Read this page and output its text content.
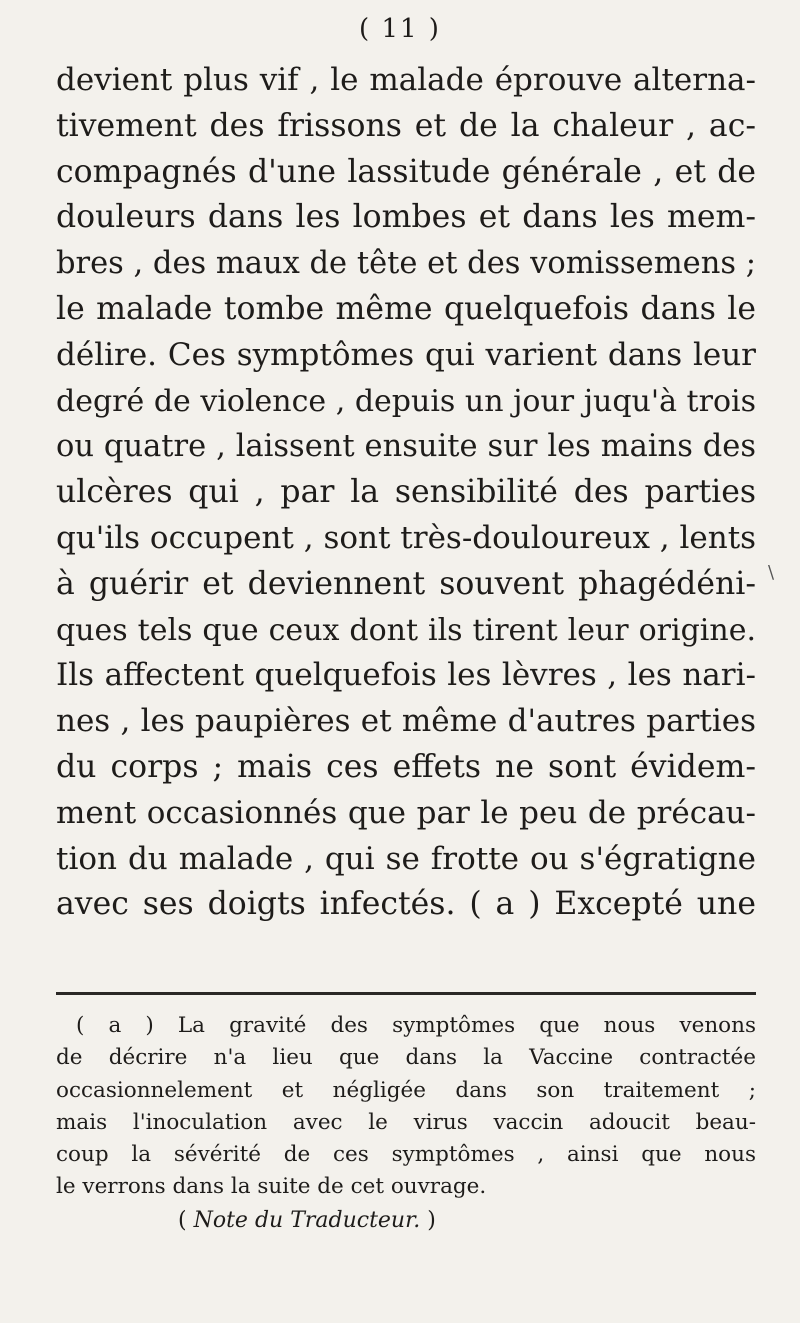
( 11 )
devient plus vif , le malade éprouve alterna-
tivement des frissons et de la chaleur , ac-
compagnés d'une lassitude générale , et de
douleurs dans les lombes et dans les mem-
bres , des maux de tête et des vomissemens ;
le malade tombe même quelquefois dans le
délire. Ces symptômes qui varient dans leur
degré de violence , depuis un jour juqu'à trois
ou quatre , laissent ensuite sur les mains des
ulcères qui , par la sensibilité des parties
qu'ils occupent , sont très-douloureux , lents
à guérir et deviennent souvent phagédéni-
ques tels que ceux dont ils tirent leur origine.
Ils affectent quelquefois les lèvres , les nari-
nes , les paupières et même d'autres parties
du corps ; mais ces effets ne sont évidem-
ment occasionnés que par le peu de précau-
tion du malade , qui se frotte ou s'égratigne
avec ses doigts infectés. ( a ) Excepté une
\
( a ) La gravité des symptômes que nous venons
de décrire n'a lieu que dans la Vaccine contractée
occasionnelement et négligée dans son traitement ;
mais l'inoculation avec le virus vaccin adoucit beau-
coup la sévérité de ces symptômes , ainsi que nous
le verrons dans la suite de cet ouvrage.
( Note du Traducteur. )
